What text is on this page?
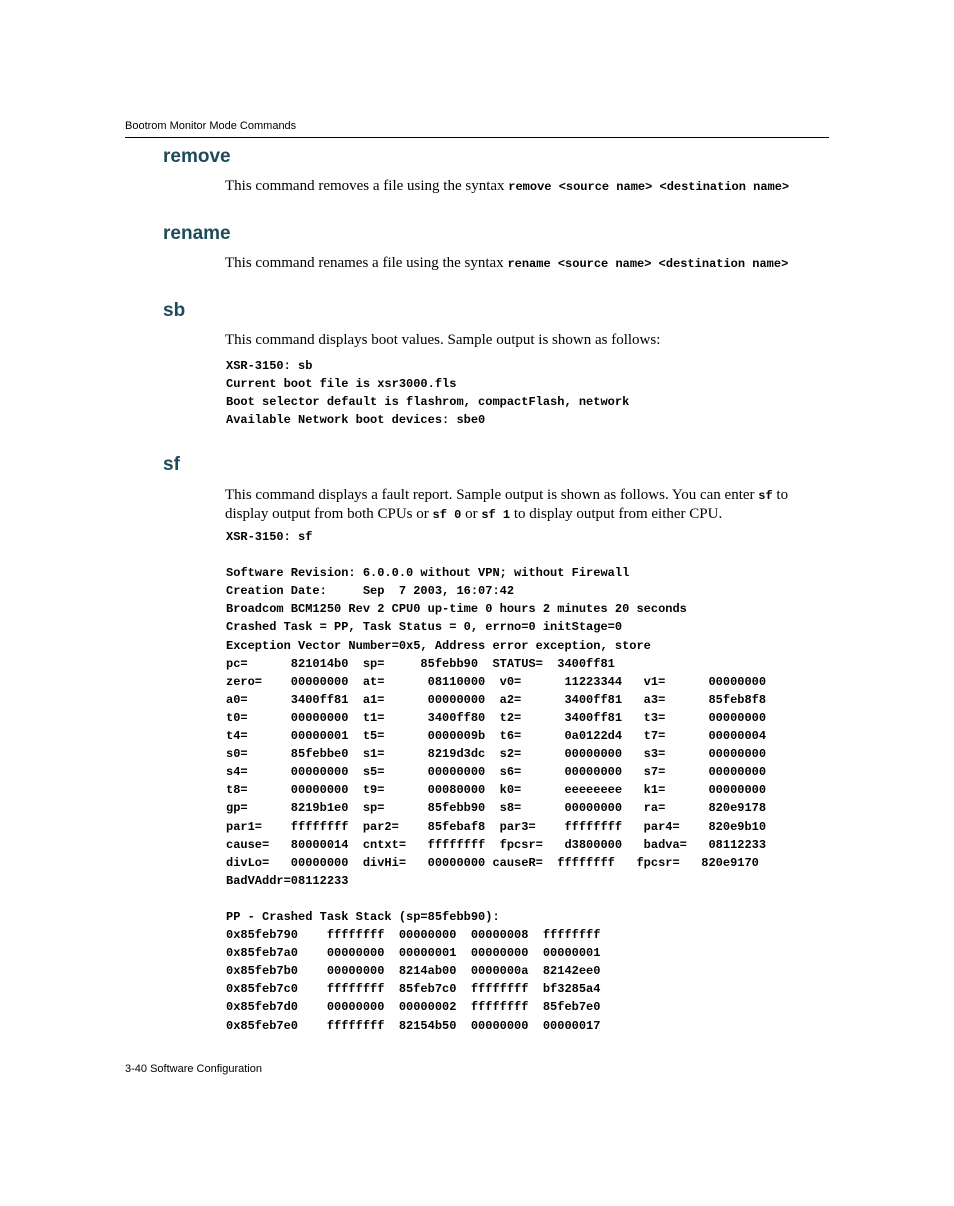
Bootrom Monitor Mode Commands
remove

This command removes a file using the syntax remove <source name> <destination name>

rename

This command renames a file using the syntax rename <source name> <destination name>

sb

This command displays boot values. Sample output is shown as follows:

XSR-3150: sb
Current boot file is xsr3000.fls
Boot selector default is flashrom, compactFlash, network
Available Network boot devices: sbe0
sf

This command displays a fault report. Sample output is shown as follows. You can enter sf to display output from both CPUs or sf 0 or sf 1 to display output from either CPU.

XSR-3150: sf

Software Revision: 6.0.0.0 without VPN; without Firewall
Creation Date:     Sep  7 2003, 16:07:42
Broadcom BCM1250 Rev 2 CPU0 up-time 0 hours 2 minutes 20 seconds
Crashed Task = PP, Task Status = 0, errno=0 initStage=0
Exception Vector Number=0x5, Address error exception, store
pc=      821014b0  sp=     85febb90  STATUS=  3400ff81
zero=    00000000  at=      08110000  v0=      11223344   v1=      00000000
a0=      3400ff81  a1=      00000000  a2=      3400ff81   a3=      85feb8f8
t0=      00000000  t1=      3400ff80  t2=      3400ff81   t3=      00000000
t4=      00000001  t5=      0000009b  t6=      0a0122d4   t7=      00000004
s0=      85febbe0  s1=      8219d3dc  s2=      00000000   s3=      00000000
s4=      00000000  s5=      00000000  s6=      00000000   s7=      00000000
t8=      00000000  t9=      00080000  k0=      eeeeeeee   k1=      00000000
gp=      8219b1e0  sp=      85febb90  s8=      00000000   ra=      820e9178
par1=    ffffffff  par2=    85febaf8  par3=    ffffffff   par4=    820e9b10
cause=   80000014  cntxt=   ffffffff  fpcsr=   d3800000   badva=   08112233
divLo=   00000000  divHi=   00000000 causeR=  ffffffff   fpcsr=   820e9170
BadVAddr=08112233

PP - Crashed Task Stack (sp=85febb90):
0x85feb790    ffffffff  00000000  00000008  ffffffff
0x85feb7a0    00000000  00000001  00000000  00000001
0x85feb7b0    00000000  8214ab00  0000000a  82142ee0
0x85feb7c0    ffffffff  85feb7c0  ffffffff  bf3285a4
0x85feb7d0    00000000  00000002  ffffffff  85feb7e0
0x85feb7e0    ffffffff  82154b50  00000000  00000017
3-40 Software Configuration
